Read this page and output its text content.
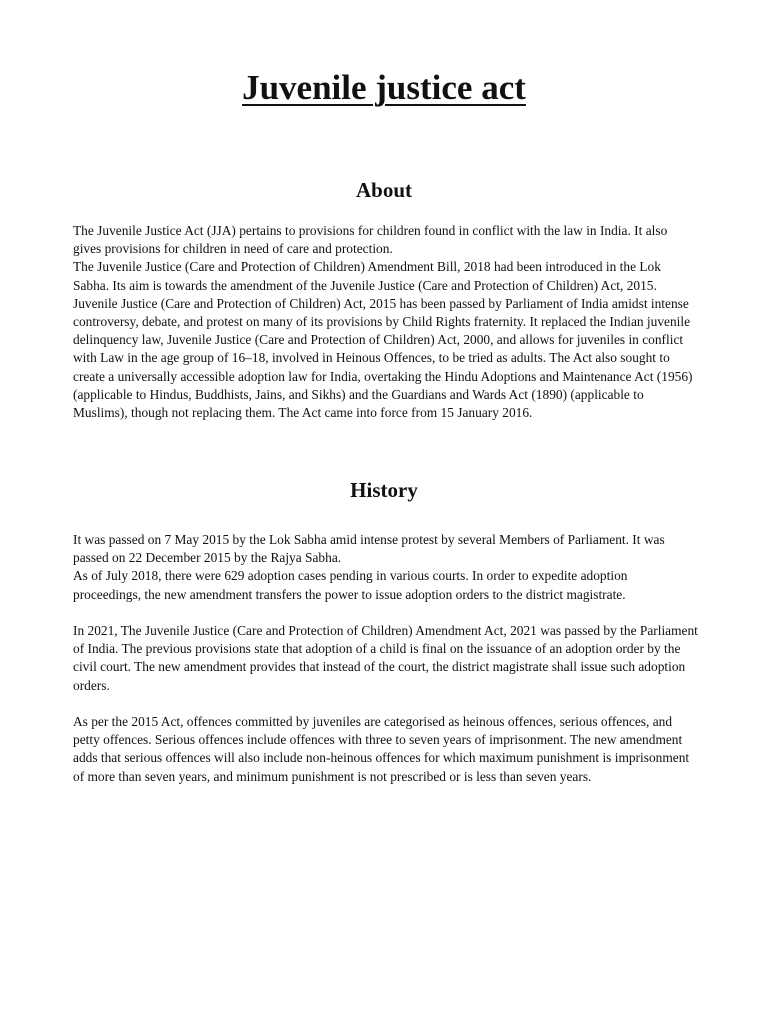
Juvenile justice act
About

The Juvenile Justice Act (JJA) pertains to provisions for children found in conflict with the law in India. It also gives provisions for children in need of care and protection.

The Juvenile Justice (Care and Protection of Children) Amendment Bill, 2018 had been introduced in the Lok Sabha. Its aim is towards the amendment of the Juvenile Justice (Care and Protection of Children) Act, 2015.

Juvenile Justice (Care and Protection of Children) Act, 2015 has been passed by Parliament of India amidst intense controversy, debate, and protest on many of its provisions by Child Rights fraternity. It replaced the Indian juvenile delinquency law, Juvenile Justice (Care and Protection of Children) Act, 2000, and allows for juveniles in conflict with Law in the age group of 16–18, involved in Heinous Offences, to be tried as adults. The Act also sought to create a universally accessible adoption law for India, overtaking the Hindu Adoptions and Maintenance Act (1956) (applicable to Hindus, Buddhists, Jains, and Sikhs) and the Guardians and Wards Act (1890) (applicable to Muslims), though not replacing them. The Act came into force from 15 January 2016.

History

It was passed on 7 May 2015 by the Lok Sabha amid intense protest by several Members of Parliament. It was passed on 22 December 2015 by the Rajya Sabha.

As of July 2018, there were 629 adoption cases pending in various courts. In order to expedite adoption proceedings, the new amendment transfers the power to issue adoption orders to the district magistrate.

In 2021, The Juvenile Justice (Care and Protection of Children) Amendment Act, 2021 was passed by the Parliament of India. The previous provisions state that adoption of a child is final on the issuance of an adoption order by the civil court. The new amendment provides that instead of the court, the district magistrate shall issue such adoption orders.

As per the 2015 Act, offences committed by juveniles are categorised as heinous offences, serious offences, and petty offences. Serious offences include offences with three to seven years of imprisonment. The new amendment adds that serious offences will also include non-heinous offences for which maximum punishment is imprisonment of more than seven years, and minimum punishment is not prescribed or is less than seven years.
